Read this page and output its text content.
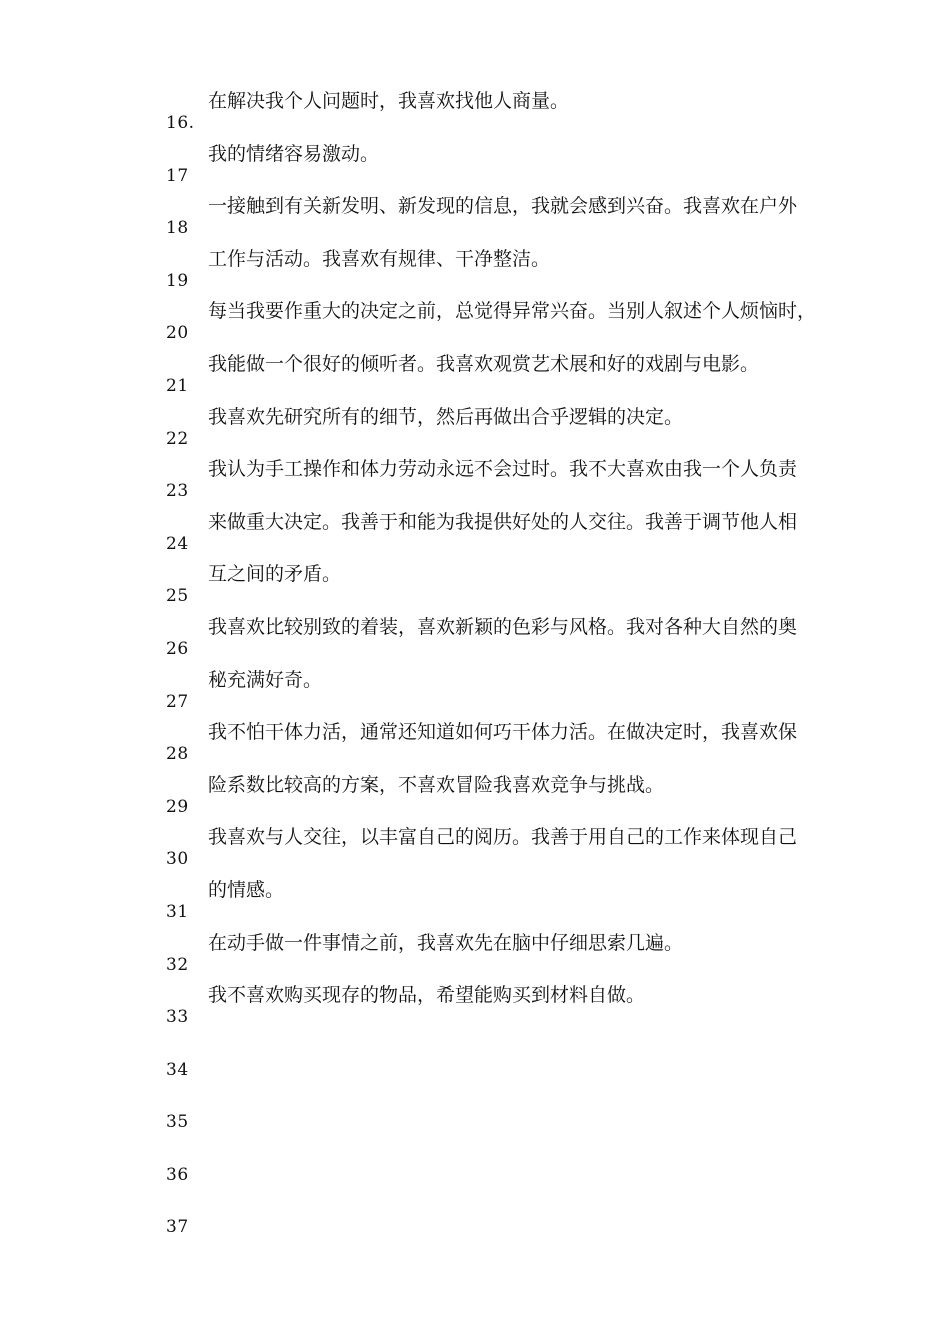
16.
17
18
19
20
21
22
23
24
25
26
27
28
29
30
31
32
33
34
35
36
37
在解决我个人问题时，我喜欢找他人商量。
我的情绪容易激动。
一接触到有关新发明、新发现的信息，我就会感到兴奋。我喜欢在户外
工作与活动。我喜欢有规律、干净整洁。
每当我要作重大的决定之前，总觉得异常兴奋。当别人叙述个人烦恼时，
我能做一个很好的倾听者。我喜欢观赏艺术展和好的戏剧与电影。
我喜欢先研究所有的细节，然后再做出合乎逻辑的决定。
我认为手工操作和体力劳动永远不会过时。我不大喜欢由我一个人负责
来做重大决定。我善于和能为我提供好处的人交往。我善于调节他人相
互之间的矛盾。
我喜欢比较别致的着装，喜欢新颖的色彩与风格。我对各种大自然的奥
秘充满好奇。
我不怕干体力活，通常还知道如何巧干体力活。在做决定时，我喜欢保
险系数比较高的方案，不喜欢冒险我喜欢竞争与挑战。
我喜欢与人交往，以丰富自己的阅历。我善于用自己的工作来体现自己
的情感。
在动手做一件事情之前，我喜欢先在脑中仔细思索几遍。
我不喜欢购买现存的物品，希望能购买到材料自做。
